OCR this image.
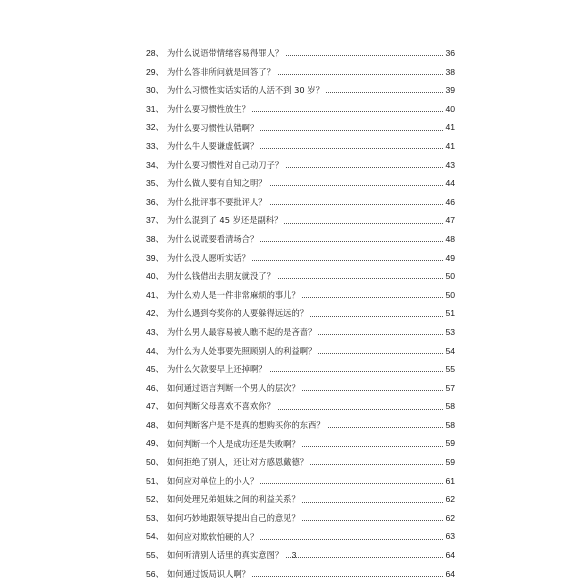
28、 为什么说语带情绪容易得罪人？	36
29、 为什么答非所问就是回答了？	38
30、 为什么习惯性实话实话的人活不到 30 岁？	39
31、 为什么要习惯性放生？	40
32、 为什么要习惯性认错啊？	41
33、 为什么牛人要谦虚低调？	41
34、 为什么要习惯性对自己动刀子？	43
35、 为什么做人要有自知之明？	44
36、 为什么批评事不要批评人？	46
37、 为什么混到了 45 岁还是副科？	47
38、 为什么说谎要看清场合？	48
39、 为什么没人愿听实话？	49
40、 为什么钱借出去朋友就没了？	50
41、 为什么劝人是一件非常麻烦的事儿？	50
42、 为什么遇到夸奖你的人要躲得远远的？	51
43、 为什么男人最容易被人瞧不起的是吝啬？	53
44、 为什么为人处事要先照顾别人的利益啊？	54
45、 为什么欠款要早上还掉啊？	55
46、 如何通过语言判断一个男人的层次？	57
47、 如何判断父母喜欢不喜欢你？	58
48、 如何判断客户是不是真的想购买你的东西？	58
49、 如何判断一个人是成功还是失败啊？	59
50、 如何拒绝了别人，还让对方感恩戴德？	59
51、 如何应对单位上的小人？	61
52、 如何处理兄弟姐妹之间的利益关系？	62
53、 如何巧妙地跟领导提出自己的意见？	62
54、 如何应对欺软怕硬的人？	63
55、 如何听清别人话里的真实意图？	64
56、 如何通过饭局识人啊？	64
3
